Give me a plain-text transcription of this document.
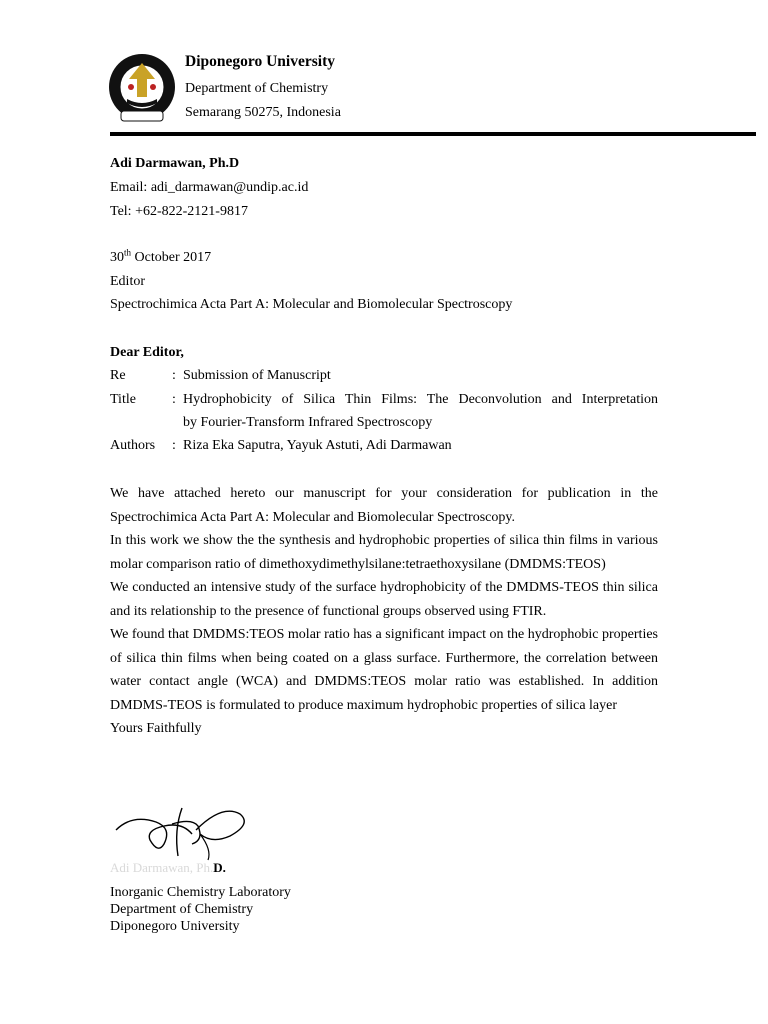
Diponegoro University
Department of Chemistry
Semarang 50275, Indonesia
Adi Darmawan, Ph.D
Email: adi_darmawan@undip.ac.id
Tel: +62-822-2121-9817
30th October 2017
Editor
Spectrochimica Acta Part A: Molecular and Biomolecular Spectroscopy
Dear Editor,
Re	: Submission of Manuscript
Title	: Hydrophobicity of Silica Thin Films: The Deconvolution and Interpretation
by Fourier-Transform Infrared Spectroscopy
Authors : Riza Eka Saputra, Yayuk Astuti, Adi Darmawan

We have attached hereto our manuscript for your consideration for publication in the Spectrochimica Acta Part A: Molecular and Biomolecular Spectroscopy.

In this work we show the the synthesis and hydrophobic properties of silica thin films in various molar comparison ratio of dimethoxydimethylsilane:tetraethoxysilane (DMDMS:TEOS)

We conducted an intensive study of the surface hydrophobicity of the DMDMS-TEOS thin silica and its relationship to the presence of functional groups observed using FTIR.

We found that DMDMS:TEOS molar ratio has a significant impact on the hydrophobic properties of silica thin films when being coated on a glass surface. Furthermore, the correlation between water contact angle (WCA) and DMDMS:TEOS molar ratio was established. In addition DMDMS-TEOS is formulated to produce maximum hydrophobic properties of silica layer

Yours Faithfully

Adi Darmawan, Ph.D.
Inorganic Chemistry Laboratory
Department of Chemistry
Diponegoro University
